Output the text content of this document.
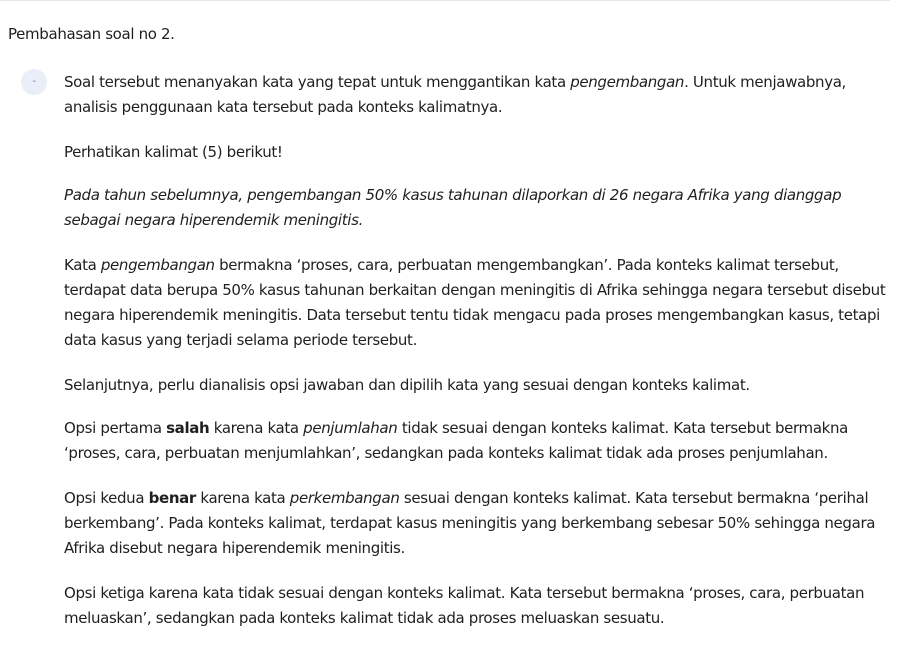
Pembahasan soal no 2.
- Soal tersebut menanyakan kata yang tepat untuk menggantikan kata pengembangan. Untuk menjawabnya, analisis penggunaan kata tersebut pada konteks kalimatnya.

Perhatikan kalimat (5) berikut!

Pada tahun sebelumnya, pengembangan 50% kasus tahunan dilaporkan di 26 negara Afrika yang dianggap sebagai negara hiperendemik meningitis.

Kata pengembangan bermakna ‘proses, cara, perbuatan mengembangkan’. Pada konteks kalimat tersebut, terdapat data berupa 50% kasus tahunan berkaitan dengan meningitis di Afrika sehingga negara tersebut disebut negara hiperendemik meningitis. Data tersebut tentu tidak mengacu pada proses mengembangkan kasus, tetapi data kasus yang terjadi selama periode tersebut.

Selanjutnya, perlu dianalisis opsi jawaban dan dipilih kata yang sesuai dengan konteks kalimat.

Opsi pertama salah karena kata penjumlahan tidak sesuai dengan konteks kalimat. Kata tersebut bermakna ‘proses, cara, perbuatan menjumlahkan’, sedangkan pada konteks kalimat tidak ada proses penjumlahan.

Opsi kedua benar karena kata perkembangan sesuai dengan konteks kalimat. Kata tersebut bermakna ‘perihal berkembang’. Pada konteks kalimat, terdapat kasus meningitis yang berkembang sebesar 50% sehingga negara Afrika disebut negara hiperendemik meningitis.

Opsi ketiga karena kata tidak sesuai dengan konteks kalimat. Kata tersebut bermakna ‘proses, cara, perbuatan meluaskan’, sedangkan pada konteks kalimat tidak ada proses meluaskan sesuatu.
